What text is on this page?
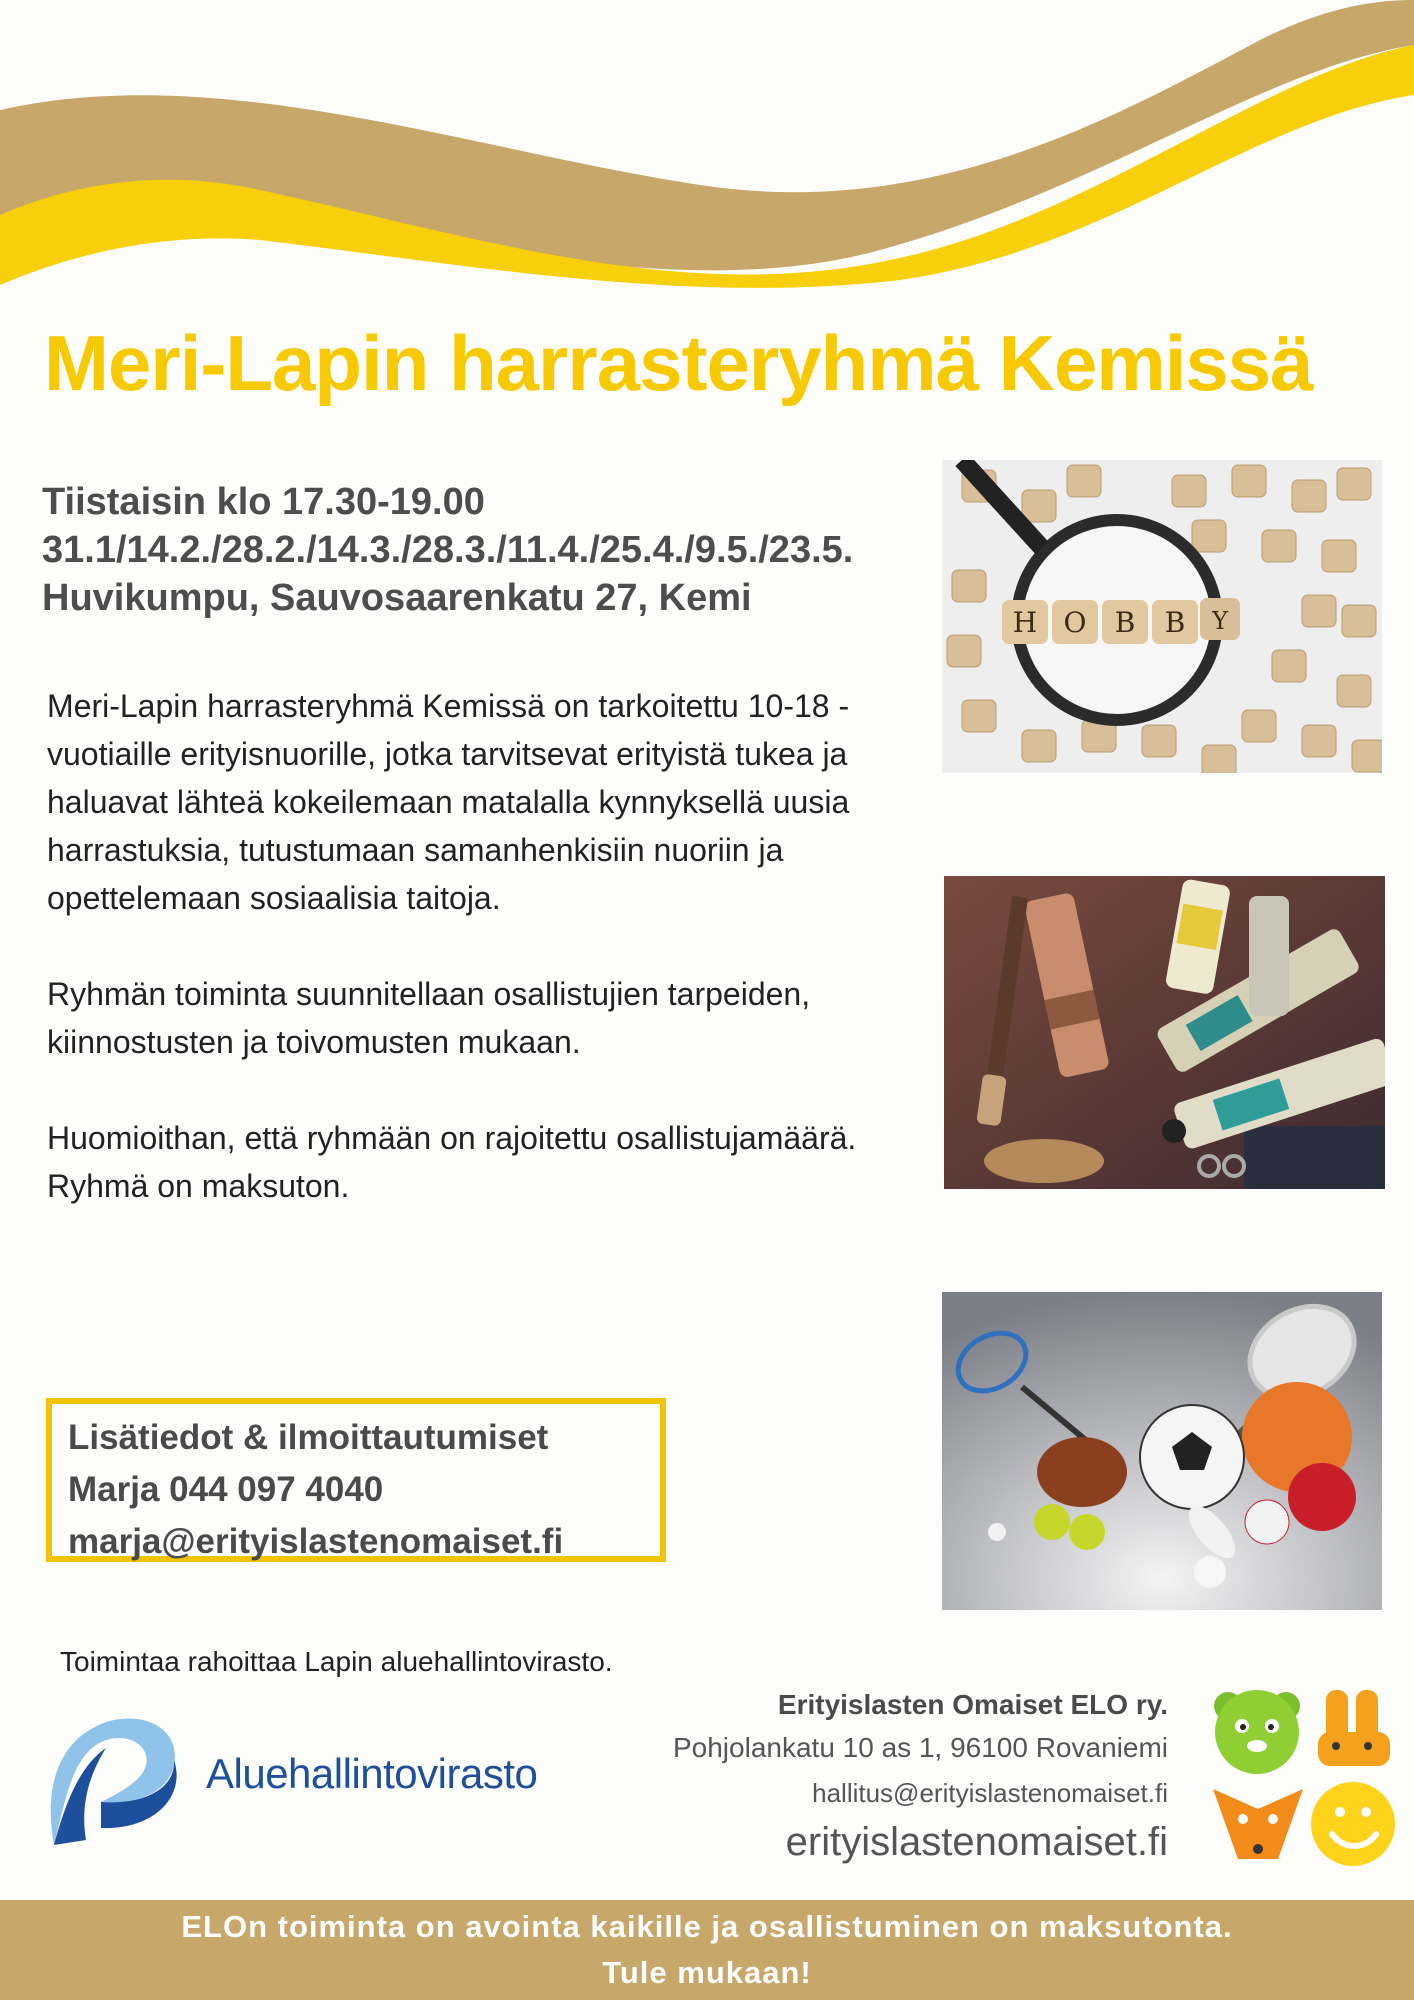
Meri-Lapin harrasteryhmä Kemissä
Tiistaisin klo 17.30-19.00
31.1/14.2./28.2./14.3./28.3./11.4./25.4./9.5./23.5.
Huvikumpu, Sauvosaarenkatu 27, Kemi

Meri-Lapin harrasteryhmä Kemissä on tarkoitettu 10-18 -vuotiaille erityisnuorille, jotka tarvitsevat erityistä tukea ja haluavat lähteä kokeilemaan matalalla kynnyksellä uusia harrastuksia, tutustumaan samanhenkisiin nuoriin ja opettelemaan sosiaalisia taitoja.

Ryhmän toiminta suunnitellaan osallistujien tarpeiden, kiinnostusten ja toivomusten mukaan.

Huomioithan, että ryhmään on rajoitettu osallistujamäärä. Ryhmä on maksuton.

H O B B Y
Lisätiedot & ilmoittautumiset
Marja 044 097 4040
marja@erityislastenomaiset.fi
Toimintaa rahoittaa Lapin aluehallintovirasto.
Aluehallintovirasto
Erityislasten Omaiset ELO ry.
Pohjolankatu 10 as 1, 96100 Rovaniemi
hallitus@erityislastenomaiset.fi
erityislastenomaiset.fi
ELOn toiminta on avointa kaikille ja osallistuminen on maksutonta.
Tule mukaan!
